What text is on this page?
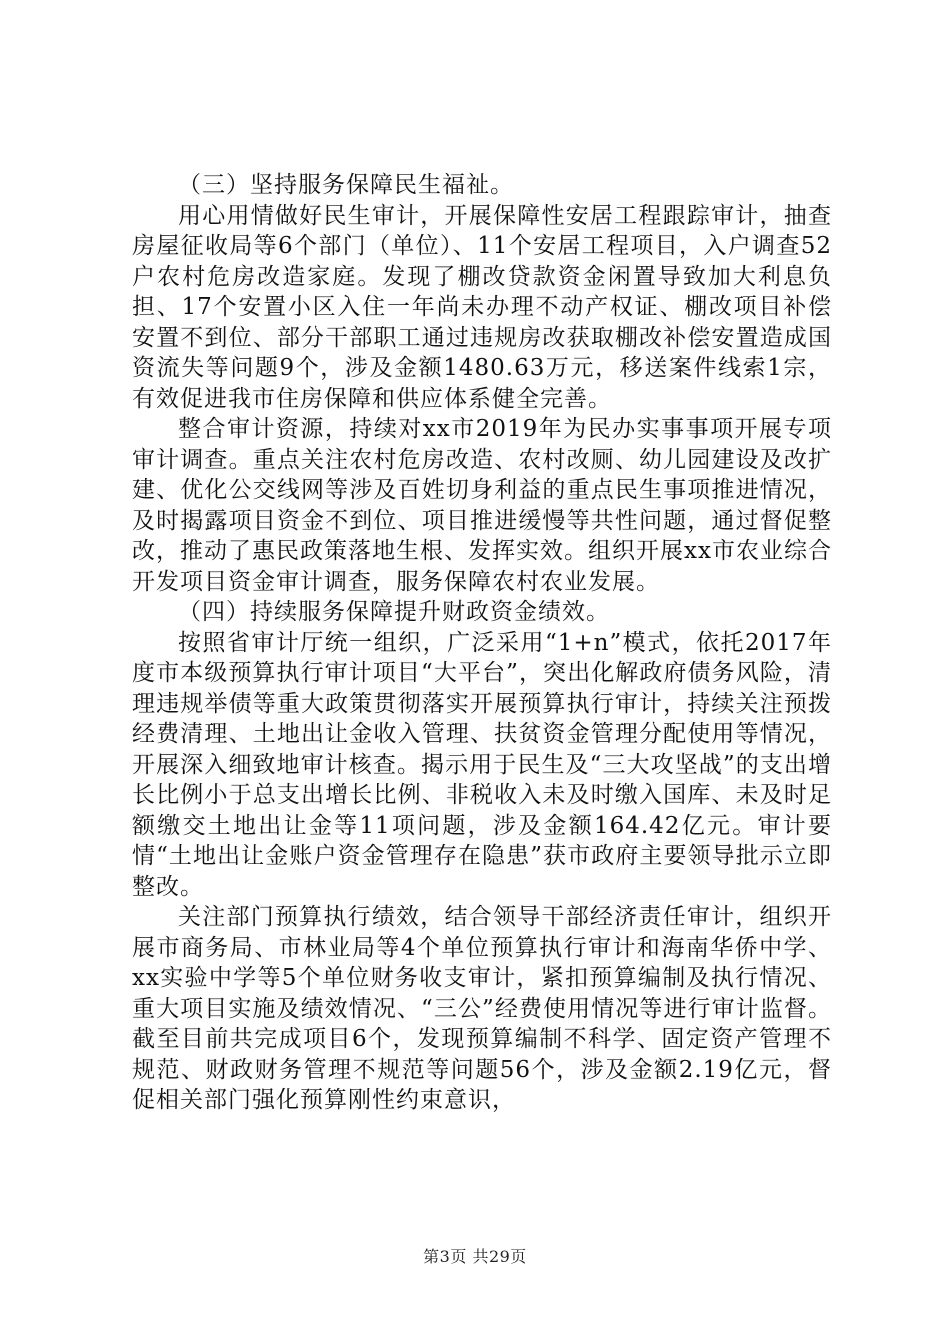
（三）坚持服务保障民生福祉。

用心用情做好民生审计，开展保障性安居工程跟踪审计，抽查房屋征收局等6个部门（单位）、11个安居工程项目，入户调查52户农村危房改造家庭。发现了棚改贷款资金闲置导致加大利息负担、17个安置小区入住一年尚未办理不动产权证、棚改项目补偿安置不到位、部分干部职工通过违规房改获取棚改补偿安置造成国资流失等问题9个，涉及金额1480.63万元，移送案件线索1宗，有效促进我市住房保障和供应体系健全完善。

整合审计资源，持续对xx市2019年为民办实事事项开展专项审计调查。重点关注农村危房改造、农村改厕、幼儿园建设及改扩建、优化公交线网等涉及百姓切身利益的重点民生事项推进情况，及时揭露项目资金不到位、项目推进缓慢等共性问题，通过督促整改，推动了惠民政策落地生根、发挥实效。组织开展xx市农业综合开发项目资金审计调查，服务保障农村农业发展。

（四）持续服务保障提升财政资金绩效。

按照省审计厅统一组织，广泛采用“1+n”模式，依托2017年度市本级预算执行审计项目“大平台”，突出化解政府债务风险，清理违规举债等重大政策贯彻落实开展预算执行审计，持续关注预拨经费清理、土地出让金收入管理、扶贫资金管理分配使用等情况，开展深入细致地审计核查。揭示用于民生及“三大攻坚战”的支出增长比例小于总支出增长比例、非税收入未及时缴入国库、未及时足额缴交土地出让金等11项问题，涉及金额164.42亿元。审计要情“土地出让金账户资金管理存在隐患”获市政府主要领导批示立即整改。

关注部门预算执行绩效，结合领导干部经济责任审计，组织开展市商务局、市林业局等4个单位预算执行审计和海南华侨中学、xx实验中学等5个单位财务收支审计，紧扣预算编制及执行情况、重大项目实施及绩效情况、“三公”经费使用情况等进行审计监督。截至目前共完成项目6个，发现预算编制不科学、固定资产管理不规范、财政财务管理不规范等问题56个，涉及金额2.19亿元，督促相关部门强化预算刚性约束意识，

第3页 共29页
